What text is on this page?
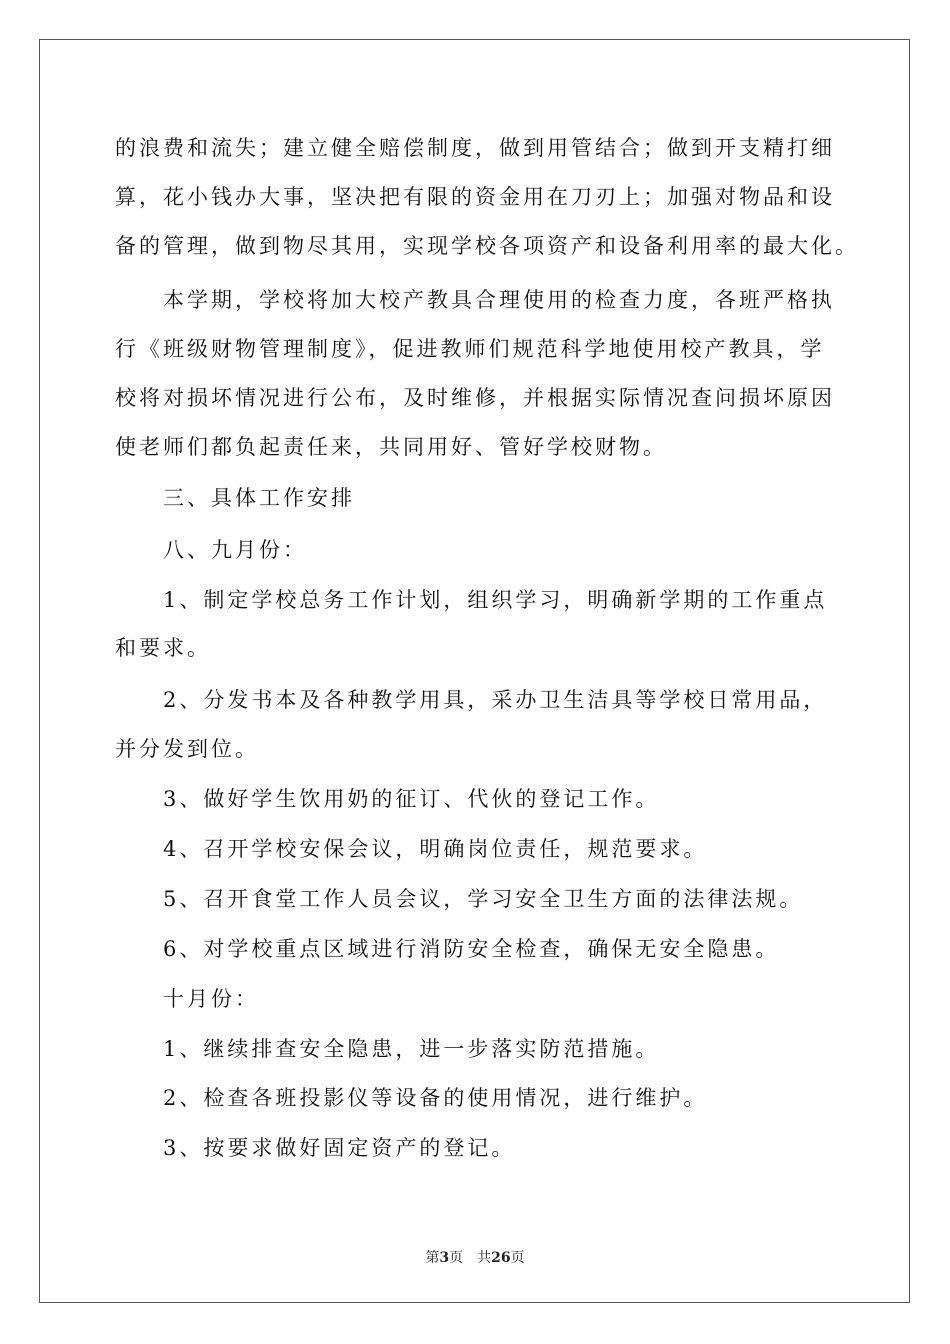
的浪费和流失；建立健全赔偿制度，做到用管结合；做到开支精打细
算，花小钱办大事，坚决把有限的资金用在刀刃上；加强对物品和设
备的管理，做到物尽其用，实现学校各项资产和设备利用率的最大化。
本学期，学校将加大校产教具合理使用的检查力度，各班严格执
行《班级财物管理制度》，促进教师们规范科学地使用校产教具，学
校将对损坏情况进行公布，及时维修，并根据实际情况查问损坏原因
使老师们都负起责任来，共同用好、管好学校财物。
三、具体工作安排
八、九月份：
1、制定学校总务工作计划，组织学习，明确新学期的工作重点
和要求。
2、分发书本及各种教学用具，采办卫生洁具等学校日常用品，
并分发到位。
3、做好学生饮用奶的征订、代伙的登记工作。
4、召开学校安保会议，明确岗位责任，规范要求。
5、召开食堂工作人员会议，学习安全卫生方面的法律法规。
6、对学校重点区域进行消防安全检查，确保无安全隐患。
十月份：
1、继续排查安全隐患，进一步落实防范措施。
2、检查各班投影仪等设备的使用情况，进行维护。
3、按要求做好固定资产的登记。
第3页　共26页
